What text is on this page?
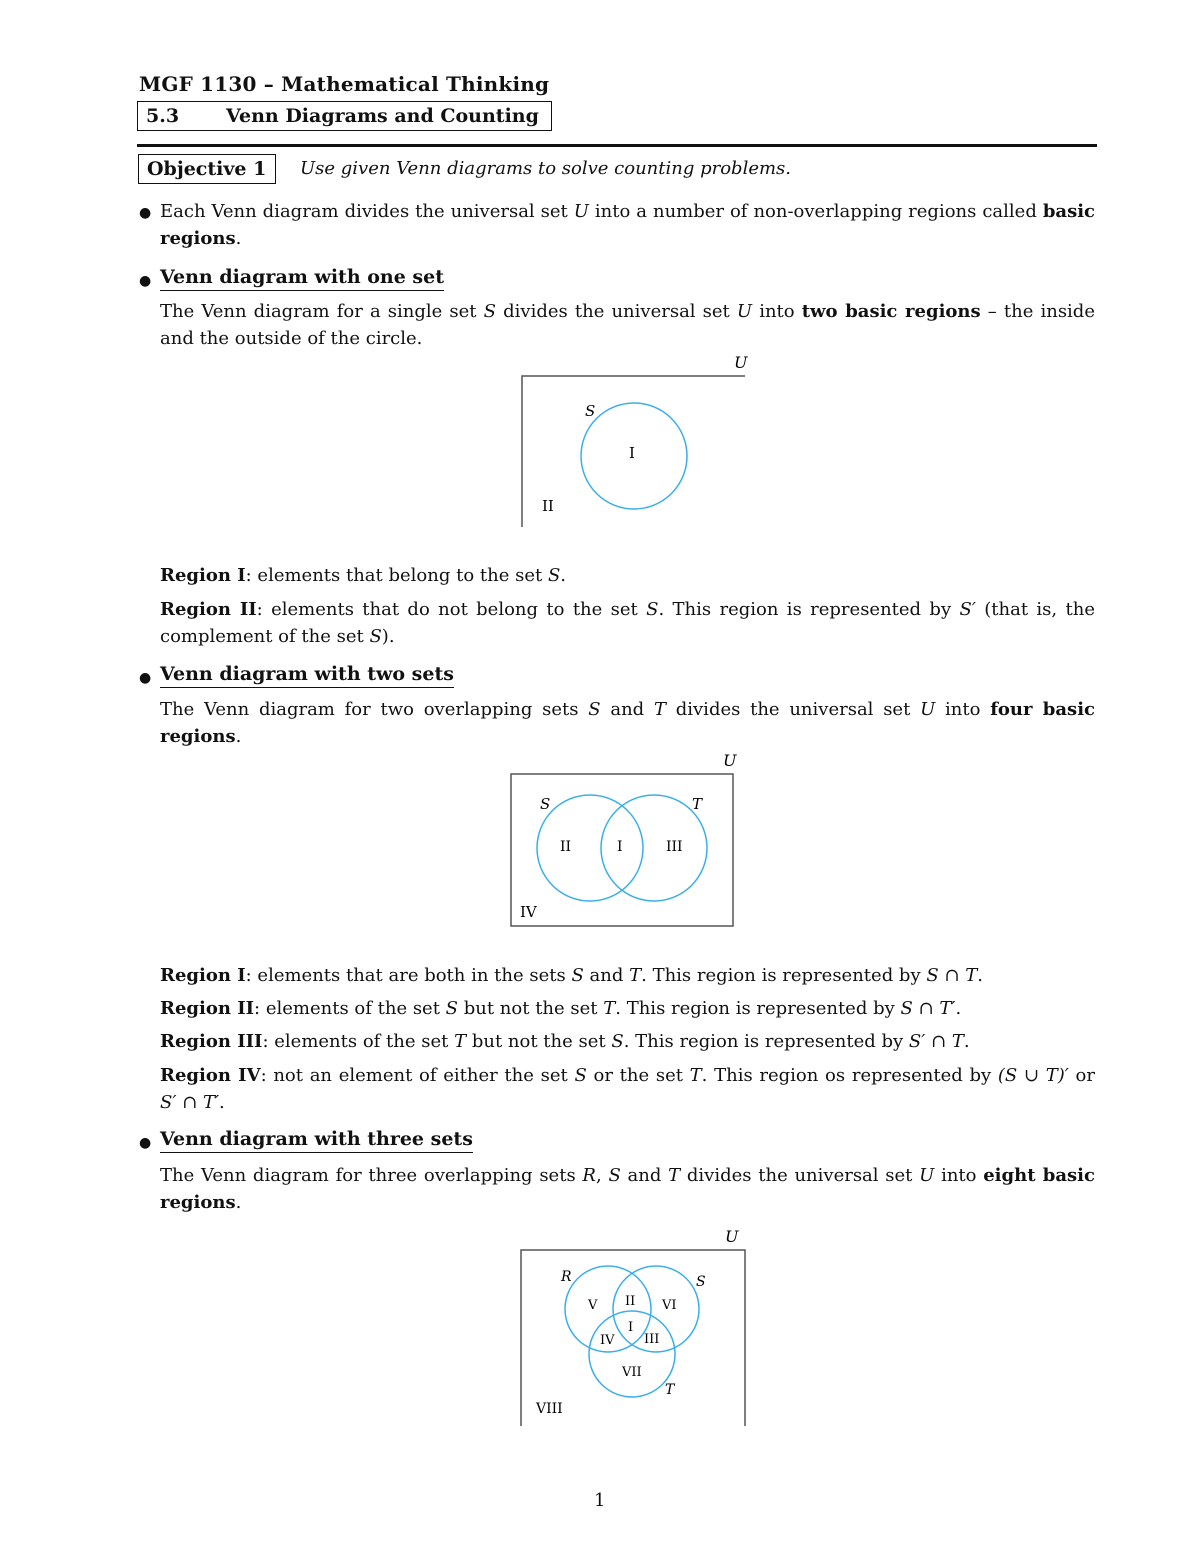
MGF 1130 – Mathematical Thinking
5.3 Venn Diagrams and Counting
Objective 1	Use given Venn diagrams to solve counting problems.
● Each Venn diagram divides the universal set U into a number of non-overlapping regions called basic regions.
● Venn diagram with one set
The Venn diagram for a single set S divides the universal set U into two basic regions – the inside and the outside of the circle.
U
S
I
II
Region I: elements that belong to the set S.
Region II: elements that do not belong to the set S. This region is represented by S′ (that is, the complement of the set S).
● Venn diagram with two sets
The Venn diagram for two overlapping sets S and T divides the universal set U into four basic regions.
U
S	T
I
II	III
IV
Region I: elements that are both in the sets S and T. This region is represented by S ∩ T.
Region II: elements of the set S but not the set T. This region is represented by S ∩ T′.
Region III: elements of the set T but not the set S. This region is represented by S′ ∩ T.
Region IV: not an element of either the set S or the set T. This region os represented by (S ∪ T)′ or S′ ∩ T′.
● Venn diagram with three sets
The Venn diagram for three overlapping sets R, S and T divides the universal set U into eight basic regions.
U
R	S
T
I
II
III
IV
V	VI
VII
VIII
1
